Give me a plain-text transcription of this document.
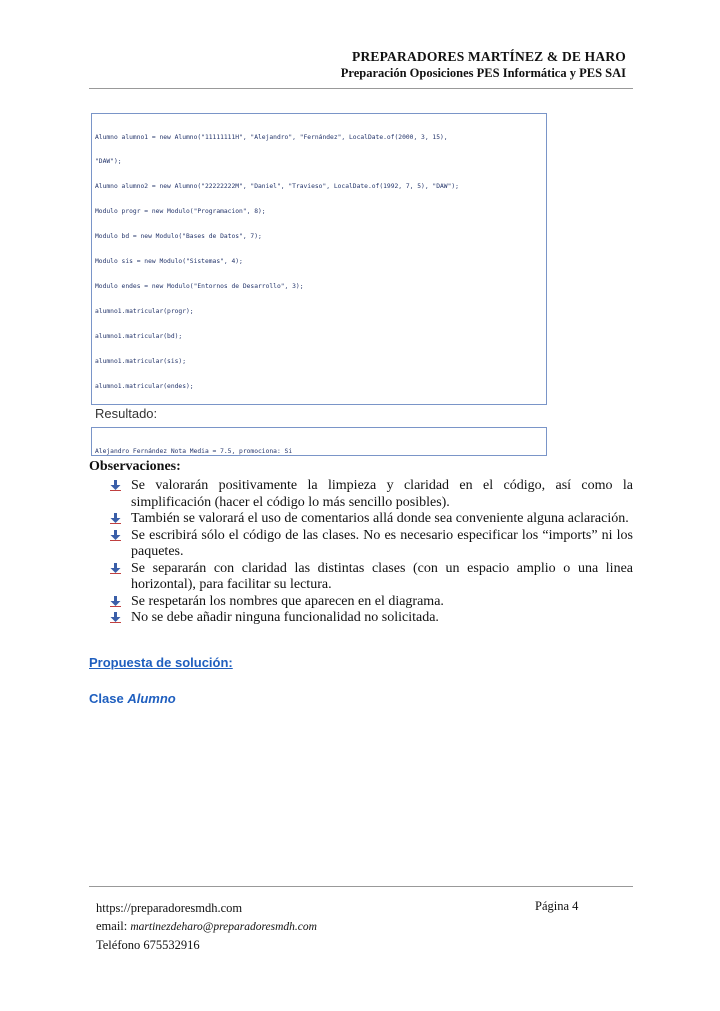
PREPARADORES MARTÍNEZ & DE HARO
Preparación Oposiciones PES Informática y PES SAI

Alumno alumno1 = new Alumno("11111111H", "Alejandro", "Fernández", LocalDate.of(2000, 3, 15),

"DAW");

Alumno alumno2 = new Alumno("22222222M", "Daniel", "Travieso", LocalDate.of(1992, 7, 5), "DAW");

Modulo progr = new Modulo("Programacion", 8);

Modulo bd = new Modulo("Bases de Datos", 7);

Modulo sis = new Modulo("Sistemas", 4);

Modulo endes = new Modulo("Entornos de Desarrollo", 3);

alumno1.matricular(progr);

alumno1.matricular(bd);

alumno1.matricular(sis);

alumno1.matricular(endes);

Resultado:

Alejandro Fernández Nota Media = 7.5, promociona: Si

Observaciones:
Se valorarán positivamente la limpieza y claridad en el código, así como la simplificación (hacer el código lo más sencillo posibles).
También se valorará el uso de comentarios allá donde sea conveniente alguna aclaración.
Se escribirá sólo el código de las clases. No es necesario especificar los “imports” ni los paquetes.
Se separarán con claridad las distintas clases (con un espacio amplio o una linea horizontal), para facilitar su lectura.
Se respetarán los nombres que aparecen en el diagrama.
No se debe añadir ninguna funcionalidad no solicitada.
Propuesta de solución:
Clase Alumno
https://preparadoresmdh.com
email: martinezdeharo@preparadoresmdh.com
Teléfono 675532916
Página 4
